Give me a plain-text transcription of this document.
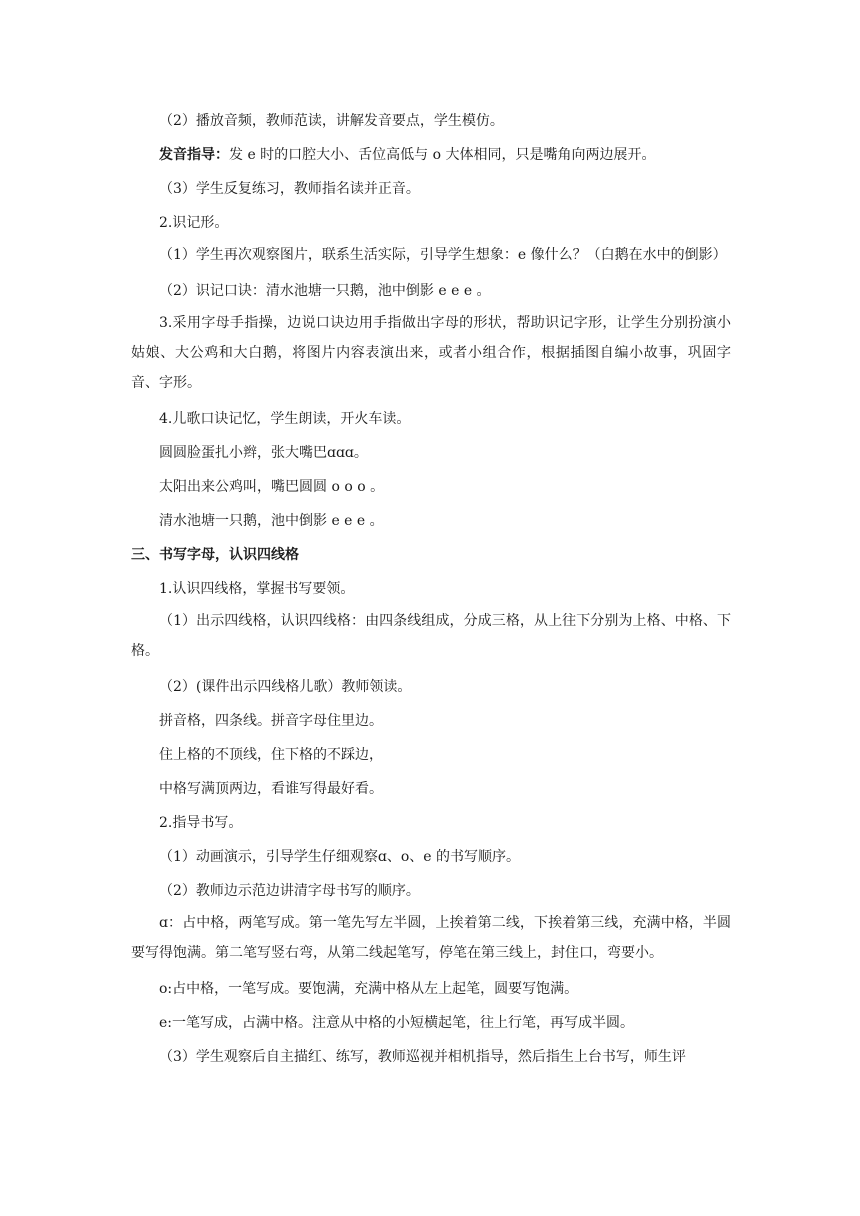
（2）播放音频，教师范读，讲解发音要点，学生模仿。

发音指导：发 e 时的口腔大小、舌位高低与 o 大体相同，只是嘴角向两边展开。

（3）学生反复练习，教师指名读并正音。

2.识记形。

（1）学生再次观察图片，联系生活实际，引导学生想象：e 像什么？（白鹅在水中的倒影）

（2）识记口诀：清水池塘一只鹅，池中倒影 e e e 。

3.采用字母手指操，边说口诀边用手指做出字母的形状，帮助识记字形，让学生分别扮演小姑娘、大公鸡和大白鹅，将图片内容表演出来，或者小组合作，根据插图自编小故事，巩固字音、字形。

4.儿歌口诀记忆，学生朗读，开火车读。

圆圆脸蛋扎小辫，张大嘴巴ɑɑɑ。

太阳出来公鸡叫，嘴巴圆圆 o o o 。

清水池塘一只鹅，池中倒影 e e e 。

三、书写字母，认识四线格

1.认识四线格，掌握书写要领。

（1）出示四线格，认识四线格：由四条线组成，分成三格，从上往下分别为上格、中格、下格。

（2）(课件出示四线格儿歌）教师领读。

拼音格，四条线。拼音字母住里边。

住上格的不顶线，住下格的不踩边，

中格写满顶两边，看谁写得最好看。

2.指导书写。

（1）动画演示，引导学生仔细观察ɑ、o、e 的书写顺序。

（2）教师边示范边讲清字母书写的顺序。

ɑ：占中格，两笔写成。第一笔先写左半圆，上挨着第二线，下挨着第三线，充满中格，半圆要写得饱满。第二笔写竖右弯，从第二线起笔写，停笔在第三线上，封住口，弯要小。

o:占中格，一笔写成。要饱满，充满中格从左上起笔，圆要写饱满。

e:一笔写成，占满中格。注意从中格的小短横起笔，往上行笔，再写成半圆。

（3）学生观察后自主描红、练写，教师巡视并相机指导，然后指生上台书写，师生评
